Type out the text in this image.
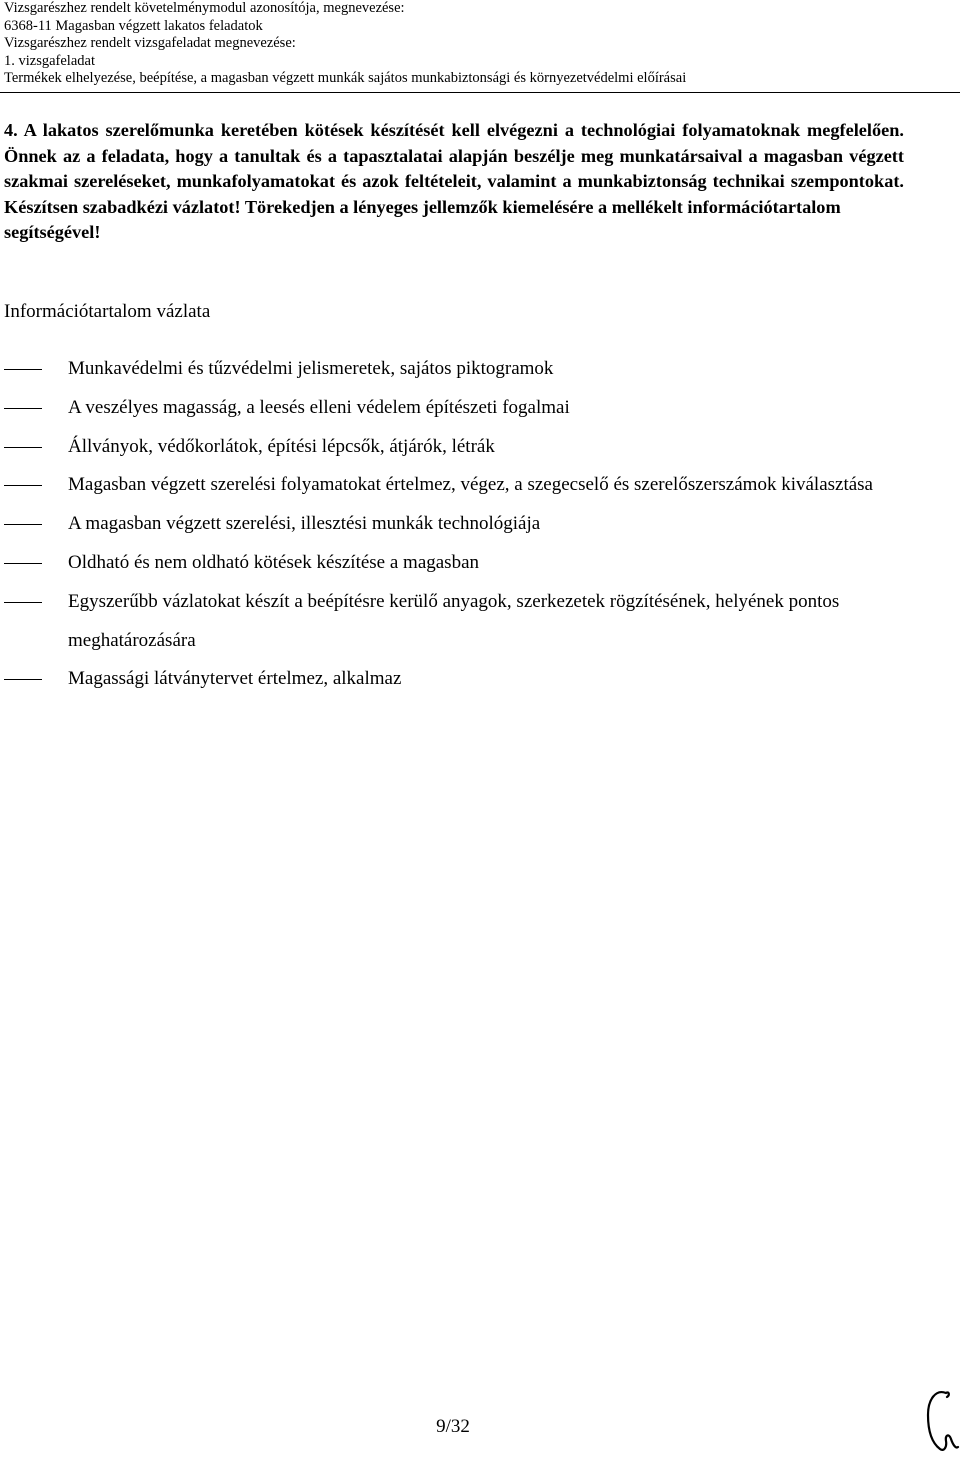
Vizsgarészhez rendelt követelménymodul azonosítója, megnevezése:
6368-11 Magasban végzett lakatos feladatok
Vizsgarészhez rendelt vizsgafeladat megnevezése:
1. vizsgafeladat
Termékek elhelyezése, beépítése, a magasban végzett munkák sajátos munkabiztonsági és környezetvédelmi előírásai
4. A lakatos szerelőmunka keretében kötések készítését kell elvégezni a technológiai folyamatoknak megfelelően. Önnek az a feladata, hogy a tanultak és a tapasztalatai alapján beszélje meg munkatársaival a magasban végzett szakmai szereléseket, munkafolyamatokat és azok feltételeit, valamint a munkabiztonság technikai szempontokat. Készítsen szabadkézi vázlatot! Törekedjen a lényeges jellemzők kiemelésére a mellékelt információtartalom
segítségével!
Információtartalom vázlata
Munkavédelmi és tűzvédelmi jelismeretek, sajátos piktogramok
A veszélyes magasság, a leesés elleni védelem építészeti fogalmai
Állványok, védőkorlátok, építési lépcsők, átjárók, létrák
Magasban végzett szerelési folyamatokat értelmez, végez, a szegecselő és szerelőszerszámok kiválasztása
A magasban végzett szerelési, illesztési munkák technológiája
Oldható és nem oldható kötések készítése a magasban
Egyszerűbb vázlatokat készít a beépítésre kerülő anyagok, szerkezetek rögzítésének, helyének pontos meghatározására
Magassági látványtervet értelmez, alkalmaz
9/32
